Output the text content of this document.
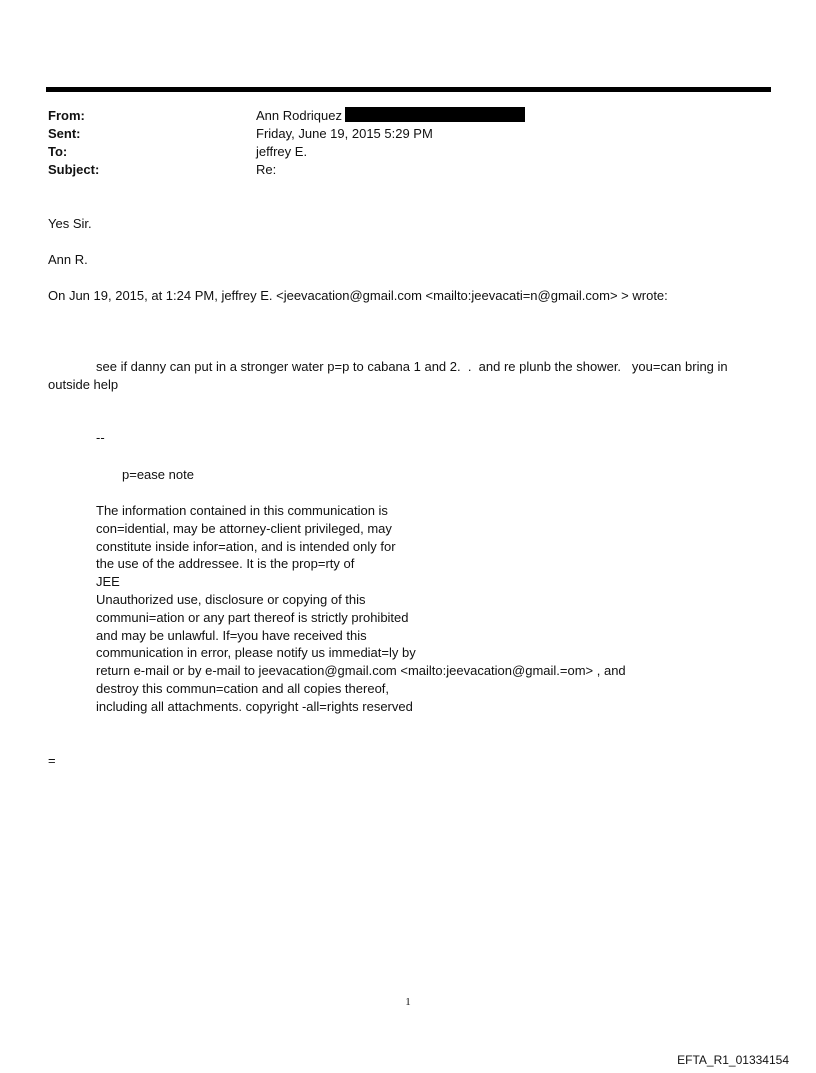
From:	Ann Rodriquez
Sent:	Friday, June 19, 2015 5:29 PM
To:	jeffrey E.
Subject:	Re:
Yes Sir.
Ann R.
On Jun 19, 2015, at 1:24 PM, jeffrey E. <jeevacation@gmail.com <mailto:jeevacati=n@gmail.com> > wrote:
see if danny can put in a stronger water p=p to cabana 1 and 2.  .  and re plunb the shower.   you=can bring in
outside help
--
p=ease note
The information contained in this communication is
con=idential, may be attorney-client privileged, may
constitute inside infor=ation, and is intended only for
the use of the addressee. It is the prop=rty of
JEE
Unauthorized use, disclosure or copying of this
communi=ation or any part thereof is strictly prohibited
and may be unlawful. If=you have received this
communication in error, please notify us immediat=ly by
return e-mail or by e-mail to jeevacation@gmail.com <mailto:jeevacation@gmail.=om> , and
destroy this commun=cation and all copies thereof,
including all attachments. copyright -all=rights reserved
=
1
EFTA_R1_01334154
